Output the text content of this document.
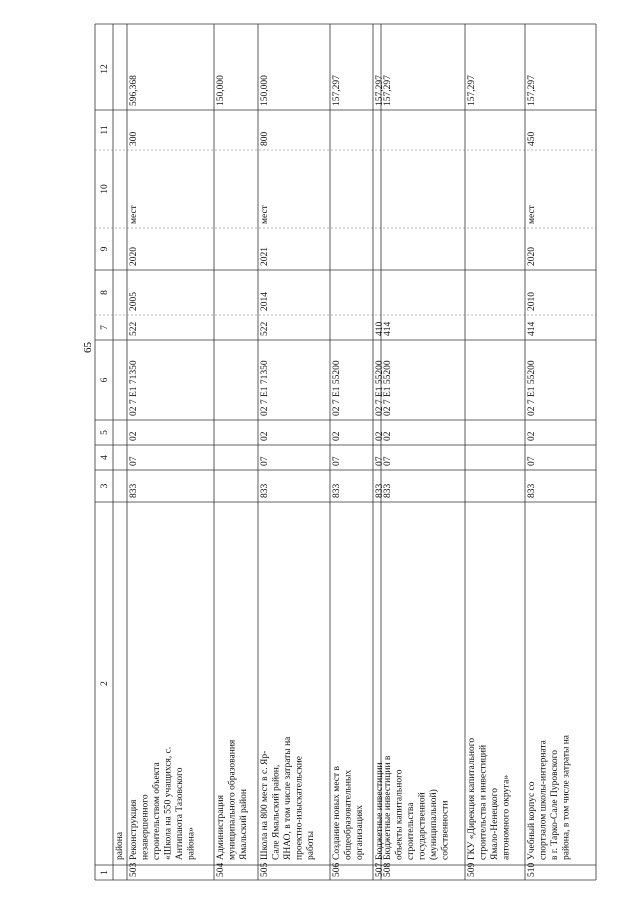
65
1
2
3
4
5
6
7
8
9
10
11
12
района
503
Реконструкция незавершенного строительством объекта «Школа на 550 учащихся, с. Антипаюта Тазовского района»
833
07
02
02 7 E1 71350
522
2005
2020
мест
300
596,368
504
Администрация муниципального образования Ямальский район
150,000
505
Школа на 800 мест в с. Яр- Сале Ямальский район, ЯНАО, в том числе затраты на проектно-изыскательские работы
833
07
02
02 7 E1 71350
522
2014
2021
мест
800
150,000
506
Создание новых мест в общеобразовательных организациях
833
07
02
02 7 E1 55200
157,297
507
Бюджетные инвестиции
833
07
02
02 7 E1 55200
410
157,297
508
Бюджетные инвестиции в объекты капитального строительства государственной (муниципальной) собственности
833
07
02
02 7 E1 55200
414
157,297
509
ГКУ «Дирекция капитального строительства и инвестиций Ямало-Ненецкого автономного округа»
157,297
510
Учебный корпус со спортзалом школы-интерната в г. Тарко-Сале Пуровского района, в том числе затраты на
833
07
02
02 7 E1 55200
414
2010
2020
мест
450
157,297
